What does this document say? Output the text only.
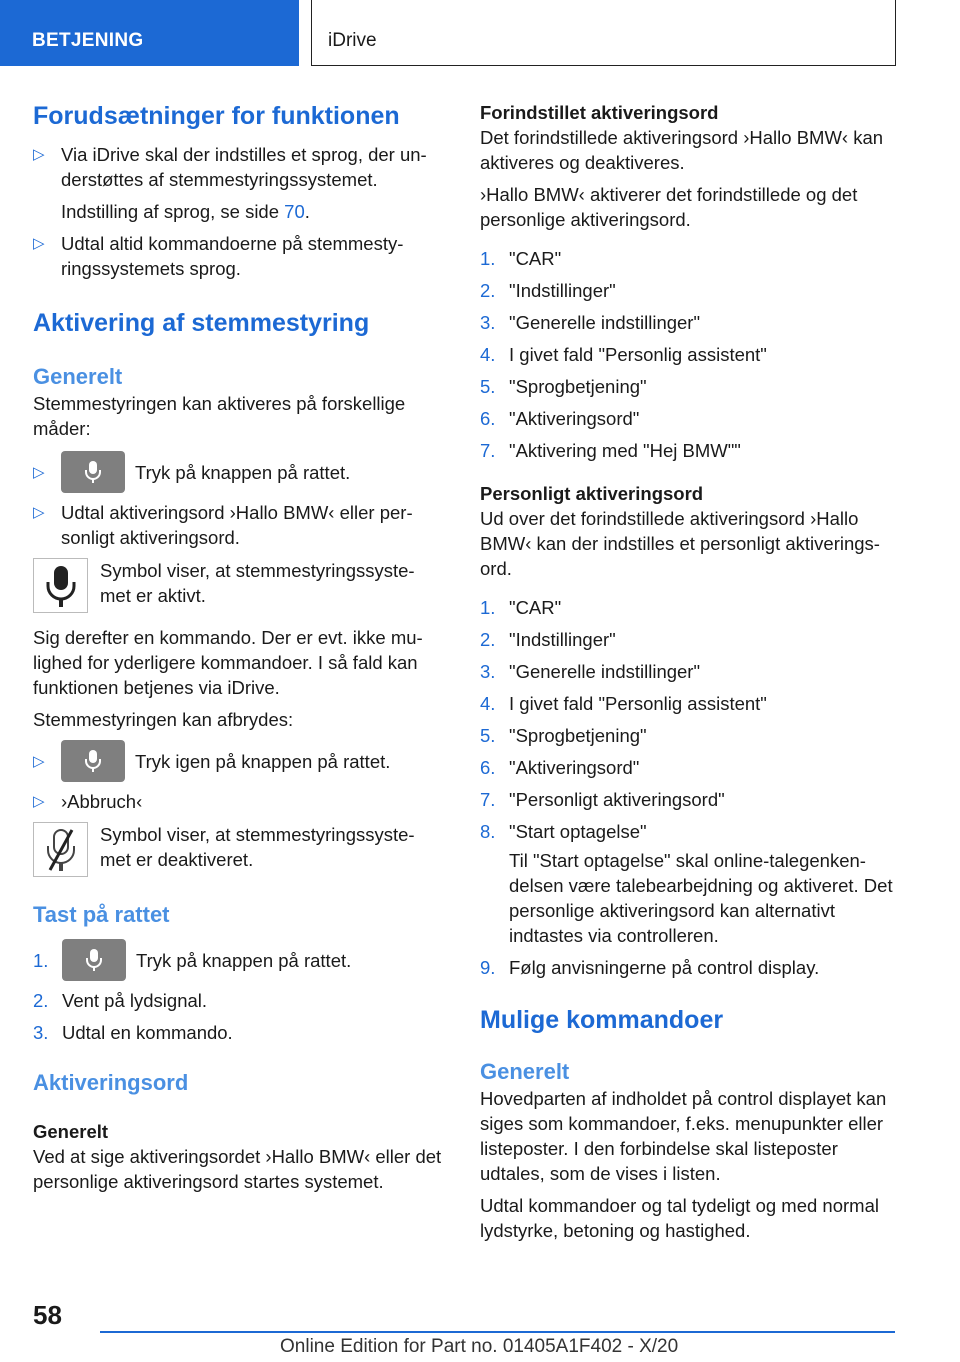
BETJENING	iDrive
Forudsætninger for funktionen
▷ Via iDrive skal der indstilles et sprog, der un-derstøttes af stemmestyringssystemet.

Indstilling af sprog, se side 70.

▷ Udtal altid kommandoerne på stemmesty-ringssystemets sprog.
Aktivering af stemmestyring
Generelt

Stemmestyringen kan aktiveres på forskellige måder:

▷	Tryk på knappen på rattet.
▷ Udtal aktiveringsord ›Hallo BMW‹ eller per-sonligt aktiveringsord.
Symbol viser, at stemmestyringssyste-met er aktivt.

Sig derefter en kommando. Der er evt. ikke mu-lighed for yderligere kommandoer. I så fald kan funktionen betjenes via iDrive.

Stemmestyringen kan afbrydes:

▷	Tryk igen på knappen på rattet.
▷ ›Abbruch‹
Symbol viser, at stemmestyringssyste-met er deaktiveret.
Tast på rattet
1.	Tryk på knappen på rattet.
2. Vent på lydsignal.
3. Udtal en kommando.
Aktiveringsord
Generelt

Ved at sige aktiveringsordet ›Hallo BMW‹ eller det personlige aktiveringsord startes systemet.

Forindstillet aktiveringsord

Det forindstillede aktiveringsord ›Hallo BMW‹ kan aktiveres og deaktiveres.

›Hallo BMW‹ aktiverer det forindstillede og det personlige aktiveringsord.

1. "CAR"
2. "Indstillinger"
3. "Generelle indstillinger"
4. I givet fald "Personlig assistent"
5. "Sprogbetjening"
6. "Aktiveringsord"
7. "Aktivering med "Hej BMW""
Personligt aktiveringsord

Ud over det forindstillede aktiveringsord ›Hallo BMW‹ kan der indstilles et personligt aktiverings-ord.

1. "CAR"
2. "Indstillinger"
3. "Generelle indstillinger"
4. I givet fald "Personlig assistent"
5. "Sprogbetjening"
6. "Aktiveringsord"
7. "Personligt aktiveringsord"
8. "Start optagelse"

Til "Start optagelse" skal online-talegenken-delsen være talebearbejdning og aktiveret. Det personlige aktiveringsord kan alternativt indtastes via controlleren.

9. Følg anvisningerne på control display.
Mulige kommandoer
Generelt

Hovedparten af indholdet på control displayet kan siges som kommandoer, f.eks. menupunkter eller listeposter. I den forbindelse skal listeposter udtales, som de vises i listen.

Udtal kommandoer og tal tydeligt og med normal lydstyrke, betoning og hastighed.

58
Online Edition for Part no. 01405A1F402 - X/20
